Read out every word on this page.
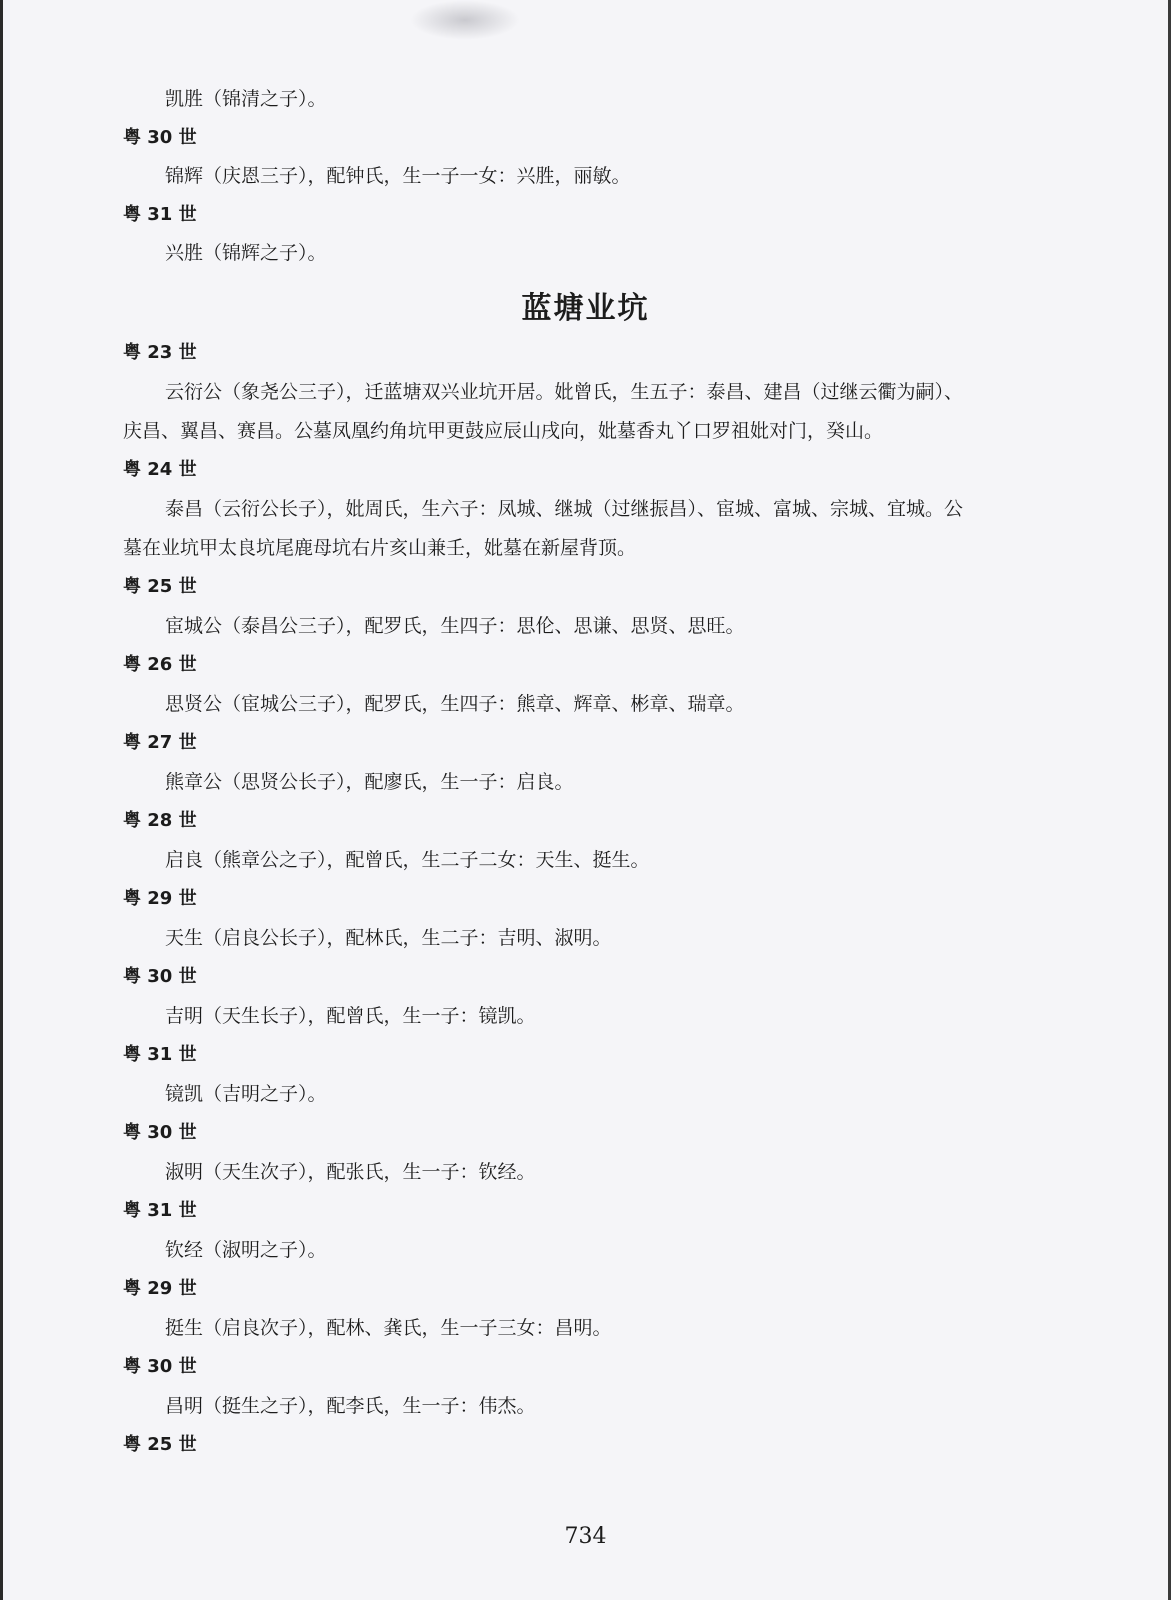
凯胜（锦清之子）。
粤 30 世
锦辉（庆恩三子），配钟氏，生一子一女：兴胜，丽敏。
粤 31 世
兴胜（锦辉之子）。
蓝塘业坑
粤 23 世
云衍公（象尧公三子），迁蓝塘双兴业坑开居。妣曾氏，生五子：泰昌、建昌（过继云衢为嗣）、
庆昌、翼昌、赛昌。公墓凤凰约角坑甲更鼓应辰山戌向，妣墓香丸丫口罗祖妣对门，癸山。
粤 24 世
泰昌（云衍公长子），妣周氏，生六子：凤城、继城（过继振昌）、宦城、富城、宗城、宜城。公
墓在业坑甲太良坑尾鹿母坑右片亥山兼壬，妣墓在新屋背顶。
粤 25 世
宦城公（泰昌公三子），配罗氏，生四子：思伦、思谦、思贤、思旺。
粤 26 世
思贤公（宦城公三子），配罗氏，生四子：熊章、辉章、彬章、瑞章。
粤 27 世
熊章公（思贤公长子），配廖氏，生一子：启良。
粤 28 世
启良（熊章公之子），配曾氏，生二子二女：天生、挺生。
粤 29 世
天生（启良公长子），配林氏，生二子：吉明、淑明。
粤 30 世
吉明（天生长子），配曾氏，生一子：镜凯。
粤 31 世
镜凯（吉明之子）。
粤 30 世
淑明（天生次子），配张氏，生一子：钦经。
粤 31 世
钦经（淑明之子）。
粤 29 世
挺生（启良次子），配林、龚氏，生一子三女：昌明。
粤 30 世
昌明（挺生之子），配李氏，生一子：伟杰。
粤 25 世
734
